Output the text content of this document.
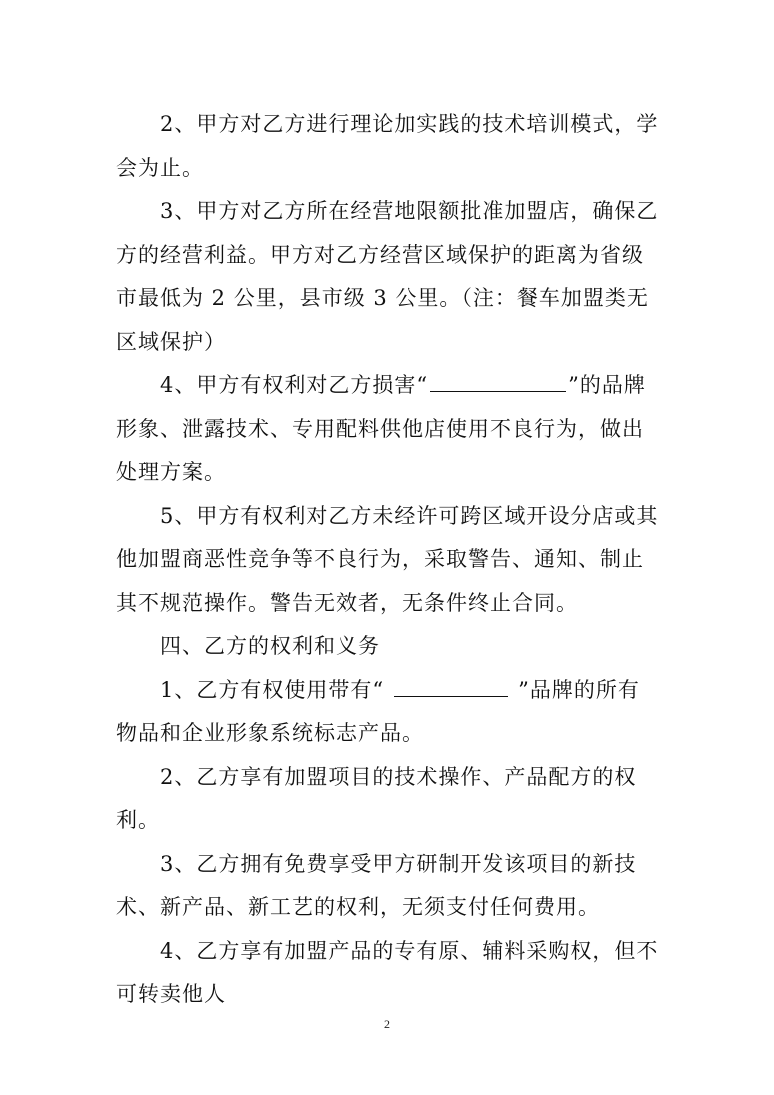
2、甲方对乙方进行理论加实践的技术培训模式，学会为止。

3、甲方对乙方所在经营地限额批准加盟店，确保乙方的经营利益。甲方对乙方经营区域保护的距离为省级市最低为 2 公里，县市级 3 公里。（注：餐车加盟类无区域保护）

4、甲方有权利对乙方损害“	”的品牌形象、泄露技术、专用配料供他店使用不良行为，做出处理方案。

5、甲方有权利对乙方未经许可跨区域开设分店或其他加盟商恶性竞争等不良行为，采取警告、通知、制止其不规范操作。警告无效者，无条件终止合同。

四、乙方的权利和义务

1、乙方有权使用带有“	”品牌的所有物品和企业形象系统标志产品。

2、乙方享有加盟项目的技术操作、产品配方的权利。

3、乙方拥有免费享受甲方研制开发该项目的新技术、新产品、新工艺的权利，无须支付任何费用。

4、乙方享有加盟产品的专有原、辅料采购权，但不可转卖他人

2
